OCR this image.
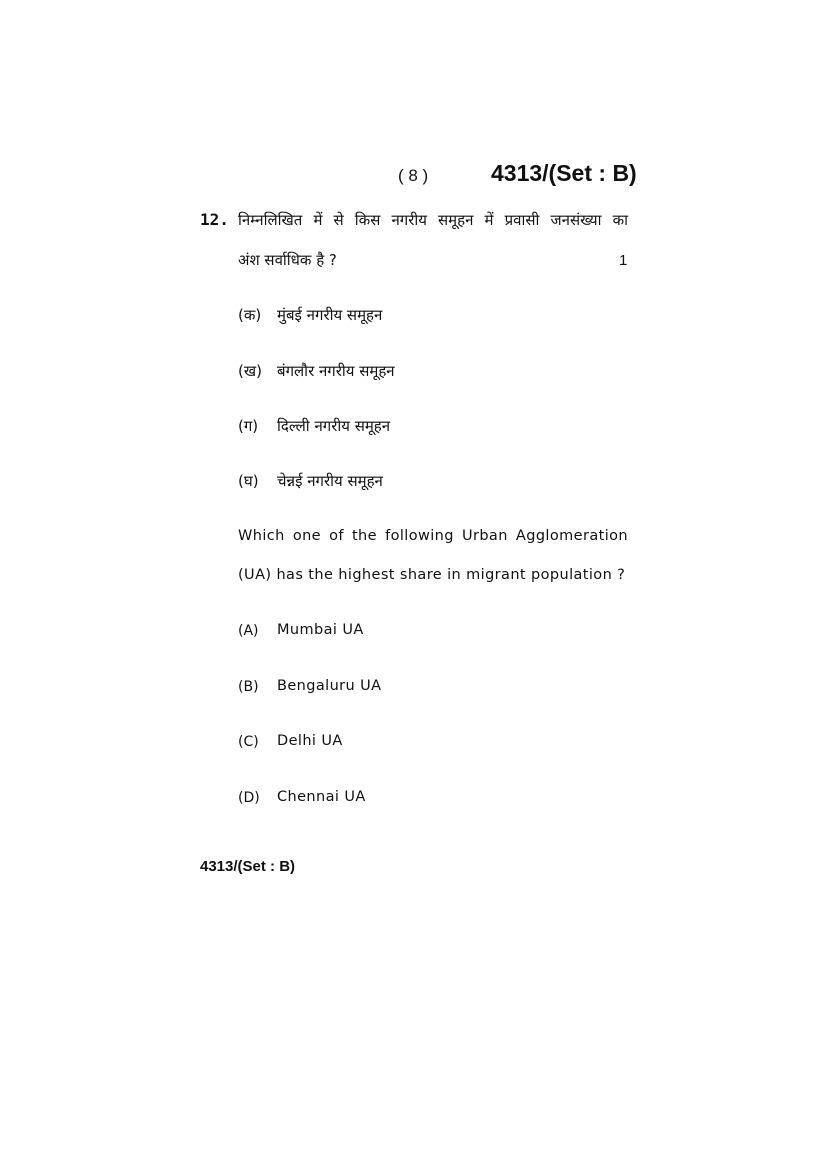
( 8 )	4313/(Set : B)
12. निम्नलिखित में से किस नगरीय समूहन में प्रवासी जनसंख्या का
अंश सर्वाधिक है ?	1
(क) मुंबई नगरीय समूहन
(ख) बंगलौर नगरीय समूहन
(ग) दिल्ली नगरीय समूहन
(घ) चेन्नई नगरीय समूहन
Which one of the following Urban Agglomeration
(UA) has the highest share in migrant population ?
(A) Mumbai UA
(B) Bengaluru UA
(C) Delhi UA
(D) Chennai UA
4313/(Set : B)
